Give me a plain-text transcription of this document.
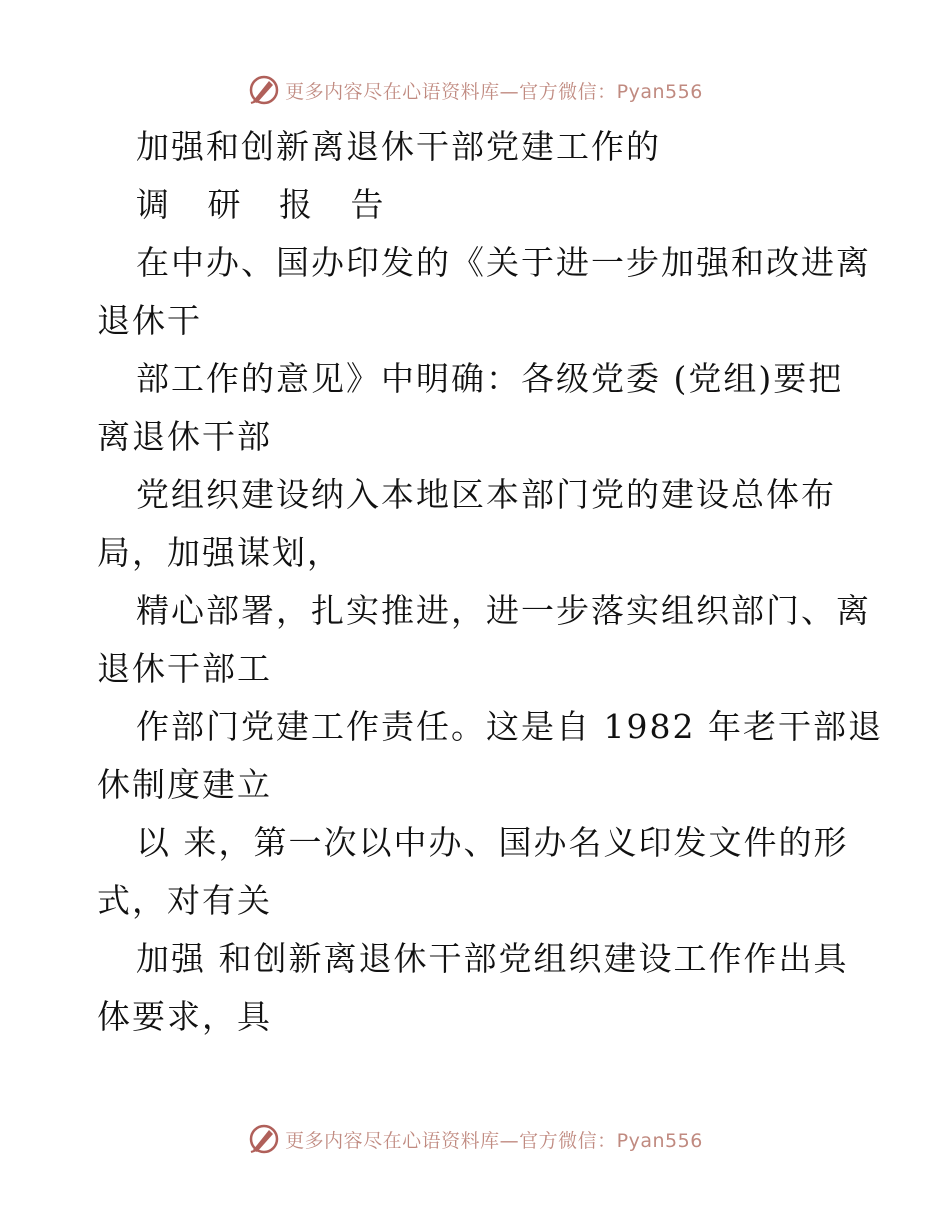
更多内容尽在心语资料库—官方微信：Pyan556
加强和创新离退休干部党建工作的
调 研 报 告
在中办、国办印发的《关于进一步加强和改进离
退休干
部工作的意见》中明确：各级党委 (党组)要把
离退休干部
党组织建设纳入本地区本部门党的建设总体布
局，加强谋划，
精心部署，扎实推进，进一步落实组织部门、离
退休干部工
作部门党建工作责任。这是自 1982 年老干部退
休制度建立
以 来，第一次以中办、国办名义印发文件的形
式，对有关
加强 和创新离退休干部党组织建设工作作出具
体要求，具
更多内容尽在心语资料库—官方微信：Pyan556
